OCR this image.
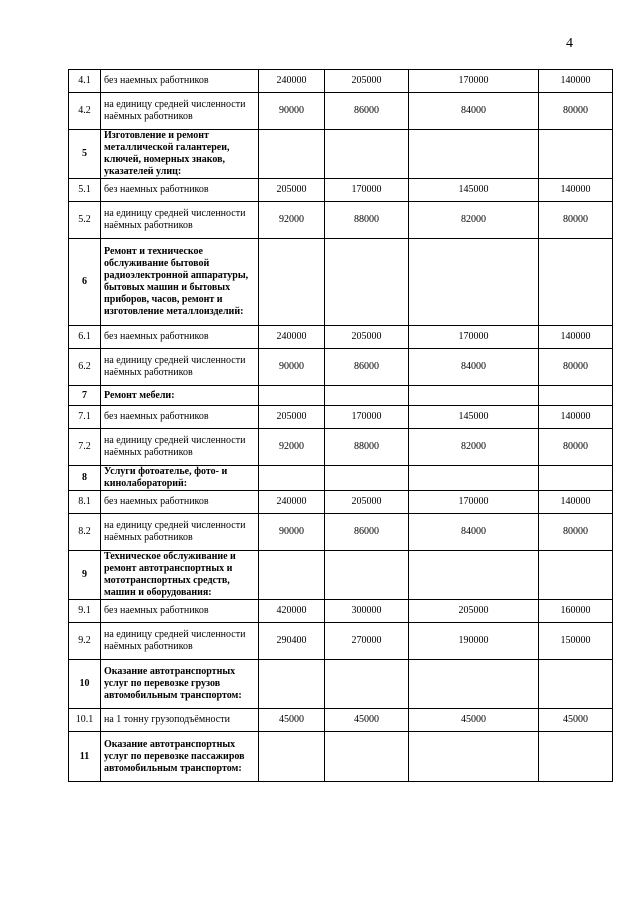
4
4.1	без наемных работников	240000	205000	170000	140000
4.2	на единицу средней численности наёмных работников	90000	86000	84000	80000
5	Изготовление и ремонт металлической галантереи, ключей, номерных знаков, указателей улиц:				
5.1	без наемных работников	205000	170000	145000	140000
5.2	на единицу средней численности наёмных работников	92000	88000	82000	80000
6	Ремонт и техническое обслуживание бытовой радиоэлектронной аппаратуры, бытовых машин и бытовых приборов, часов, ремонт и изготовление металлоизделий:				
6.1	без наемных работников	240000	205000	170000	140000
6.2	на единицу средней численности наёмных работников	90000	86000	84000	80000
7	Ремонт мебели:				
7.1	без наемных работников	205000	170000	145000	140000
7.2	на единицу средней численности наёмных работников	92000	88000	82000	80000
8	Услуги фотоателье, фото- и кинолабораторий:				
8.1	без наемных работников	240000	205000	170000	140000
8.2	на единицу средней численности наёмных работников	90000	86000	84000	80000
9	Техническое обслуживание и ремонт автотранспортных и мототранспортных средств, машин и оборудования:				
9.1	без наемных работников	420000	300000	205000	160000
9.2	на единицу средней численности наёмных работников	290400	270000	190000	150000
10	Оказание автотранспортных услуг по перевозке грузов автомобильным транспортом:				
10.1	на 1 тонну грузоподъёмности	45000	45000	45000	45000
11	Оказание автотранспортных услуг по перевозке пассажиров автомобильным транспортом:				
